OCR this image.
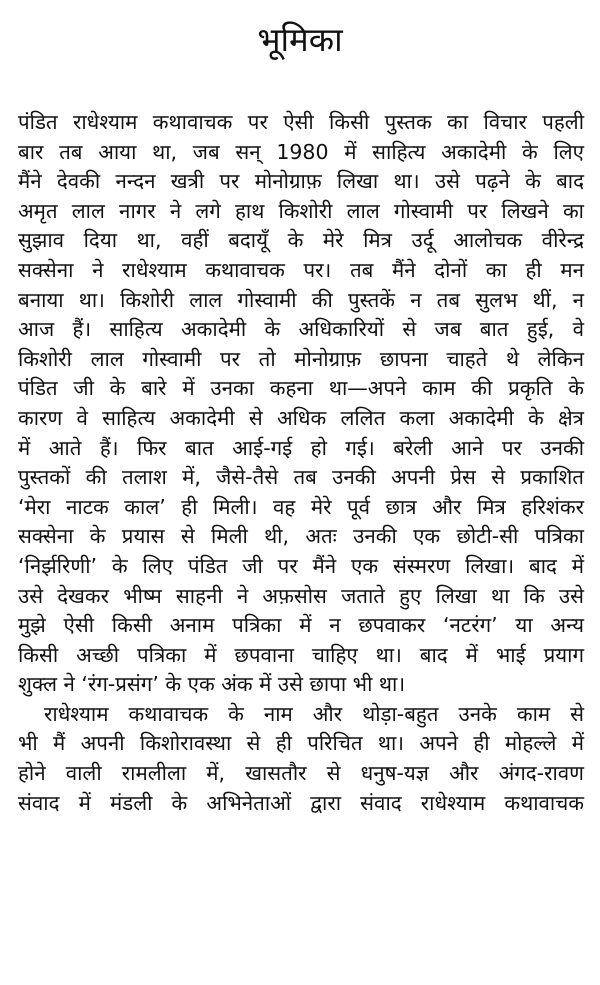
भूमिका
पंडित राधेश्याम कथावाचक पर ऐसी किसी पुस्तक का विचार पहली
बार तब आया था, जब सन् 1980 में साहित्य अकादेमी के लिए
मैंने देवकी नन्दन खत्री पर मोनोग्राफ़ लिखा था। उसे पढ़ने के बाद
अमृत लाल नागर ने लगे हाथ किशोरी लाल गोस्वामी पर लिखने का
सुझाव दिया था, वहीं बदायूँ के मेरे मित्र उर्दू आलोचक वीरेन्द्र
सक्सेना ने राधेश्याम कथावाचक पर। तब मैंने दोनों का ही मन
बनाया था। किशोरी लाल गोस्वामी की पुस्तकें न तब सुलभ थीं, न
आज हैं। साहित्य अकादेमी के अधिकारियों से जब बात हुई, वे
किशोरी लाल गोस्वामी पर तो मोनोग्राफ़ छापना चाहते थे लेकिन
पंडित जी के बारे में उनका कहना था—अपने काम की प्रकृति के
कारण वे साहित्य अकादेमी से अधिक ललित कला अकादेमी के क्षेत्र
में आते हैं। फिर बात आई-गई हो गई। बरेली आने पर उनकी
पुस्तकों की तलाश में, जैसे-तैसे तब उनकी अपनी प्रेस से प्रकाशित
‘मेरा नाटक काल’ ही मिली। वह मेरे पूर्व छात्र और मित्र हरिशंकर
सक्सेना के प्रयास से मिली थी, अतः उनकी एक छोटी-सी पत्रिका
‘निर्झरिणी’ के लिए पंडित जी पर मैंने एक संस्मरण लिखा। बाद में
उसे देखकर भीष्म साहनी ने अफ़सोस जताते हुए लिखा था कि उसे
मुझे ऐसी किसी अनाम पत्रिका में न छपवाकर ‘नटरंग’ या अन्य
किसी अच्छी पत्रिका में छपवाना चाहिए था। बाद में भाई प्रयाग
शुक्ल ने ‘रंग-प्रसंग’ के एक अंक में उसे छापा भी था।
राधेश्याम कथावाचक के नाम और थोड़ा-बहुत उनके काम से
भी मैं अपनी किशोरावस्था से ही परिचित था। अपने ही मोहल्ले में
होने वाली रामलीला में, खासतौर से धनुष-यज्ञ और अंगद-रावण
संवाद में मंडली के अभिनेताओं द्वारा संवाद राधेश्याम कथावाचक
